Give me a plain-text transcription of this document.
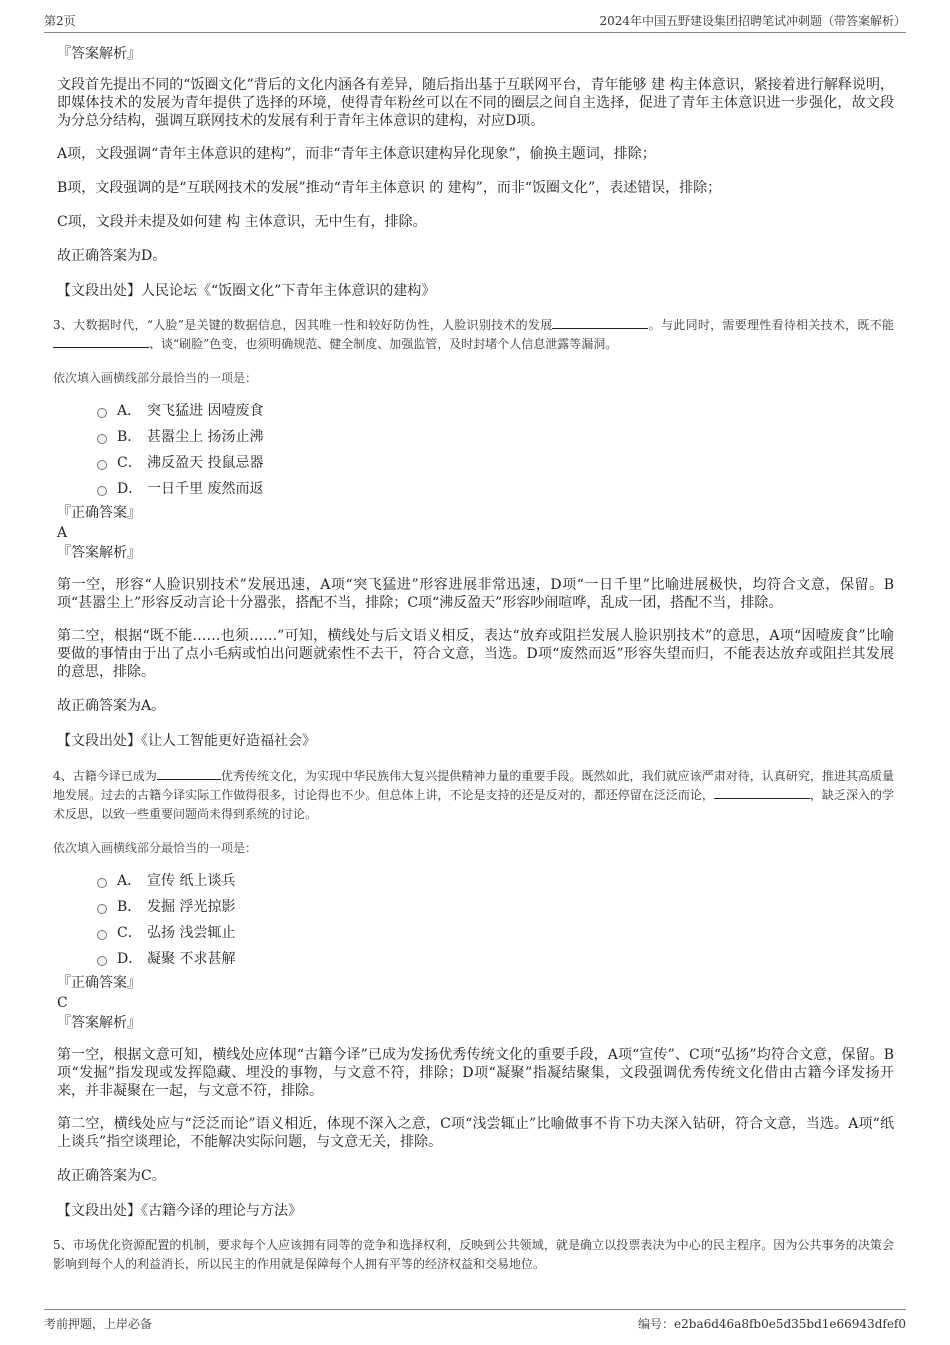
第2页	2024年中国五野建设集团招聘笔试冲刺题（带答案解析）

『答案解析』

文段首先提出不同的“饭圈文化”背后的文化内涵各有差异，随后指出基于互联网平台，青年能够 建 构主体意识，紧接着进行解释说明，即媒体技术的发展为青年提供了选择的环境，使得青年粉丝可以在不同的圈层之间自主选择，促进了青年主体意识进一步强化，故文段为分总分结构，强调互联网技术的发展有利于青年主体意识的建构，对应D项。

A项，文段强调“青年主体意识的建构”，而非“青年主体意识建构异化现象”，偷换主题词，排除；

B项，文段强调的是“互联网技术的发展”推动“青年主体意识 的 建构”，而非“饭圈文化”，表述错误，排除；

C项，文段并未提及如何建 构 主体意识，无中生有，排除。

故正确答案为D。

【文段出处】人民论坛《“饭圈文化”下青年主体意识的建构》

3、大数据时代，“人脸”是关键的数据信息，因其唯一性和较好防伪性，人脸识别技术的发展	。与此同时，需要理性看待相关技术，既不能、谈“刷脸”色变，也须明确规范、健全制度、加强监管，及时封堵个人信息泄露等漏洞。

依次填入画横线部分最恰当的一项是：

A． 突飞猛进 因噎废食
B． 甚嚣尘上 扬汤止沸
C． 沸反盈天 投鼠忌器
D． 一日千里 废然而返

『正确答案』

A

『答案解析』

第一空，形容“人脸识别技术”发展迅速，A项“突飞猛进”形容进展非常迅速，D项“一日千里”比喻进展极快，均符合文意，保留。B项“甚嚣尘上”形容反动言论十分嚣张，搭配不当，排除；C项“沸反盈天”形容吵闹喧哗，乱成一团，搭配不当，排除。

第二空，根据“既不能……也须……”可知，横线处与后文语义相反，表达“放弃或阻拦发展人脸识别技术”的意思，A项“因噎废食”比喻要做的事情由于出了点小毛病或怕出问题就索性不去干，符合文意，当选。D项“废然而返”形容失望而归，不能表达放弃或阻拦其发展的意思，排除。

故正确答案为A。

【文段出处】《让人工智能更好造福社会》

4、古籍今译已成为	优秀传统文化，为实现中华民族伟大复兴提供精神力量的重要手段。既然如此，我们就应该严肃对待，认真研究，推进其高质量地发展。过去的古籍今译实际工作做得很多，讨论得也不少。但总体上讲，不论是支持的还是反对的，都还停留在泛泛而论，	，缺乏深入的学术反思，以致一些重要问题尚未得到系统的讨论。

依次填入画横线部分最恰当的一项是：

A． 宣传 纸上谈兵
B． 发掘 浮光掠影
C． 弘扬 浅尝辄止
D． 凝聚 不求甚解

『正确答案』

C

『答案解析』

第一空，根据文意可知，横线处应体现“古籍今译”已成为发扬优秀传统文化的重要手段，A项“宣传”、C项“弘扬”均符合文意，保留。B项“发掘”指发现或发挥隐藏、埋没的事物，与文意不符，排除；D项“凝聚”指凝结聚集，文段强调优秀传统文化借由古籍今译发扬开来，并非凝聚在一起，与文意不符，排除。

第二空，横线处应与“泛泛而论”语义相近，体现不深入之意，C项“浅尝辄止”比喻做事不肯下功夫深入钻研，符合文意，当选。A项“纸上谈兵”指空谈理论，不能解决实际问题，与文意无关，排除。

故正确答案为C。

【文段出处】《古籍今译的理论与方法》

5、市场优化资源配置的机制，要求每个人应该拥有同等的竞争和选择权利，反映到公共领域，就是确立以投票表决为中心的民主程序。因为公共事务的决策会影响到每个人的利益消长，所以民主的作用就是保障每个人拥有平等的经济权益和交易地位。

考前押题，上岸必备	编号：e2ba6d46a8fb0e5d35bd1e66943dfef0
